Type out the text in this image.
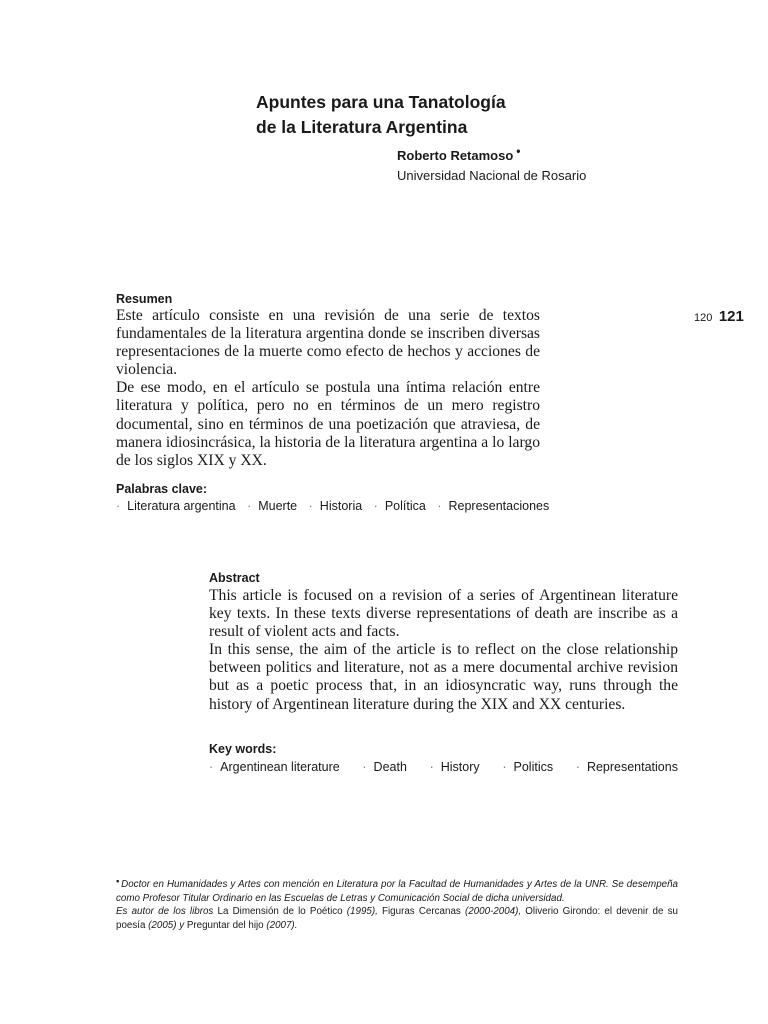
Apuntes para una Tanatología
de la Literatura Argentina
Roberto Retamoso •
Universidad Nacional de Rosario
120 121
Resumen

Este artículo consiste en una revisión de una serie de textos fundamentales de la literatura argentina donde se inscriben diversas representaciones de la muerte como efecto de hechos y acciones de violencia.

De ese modo, en el artículo se postula una íntima relación entre literatura y política, pero no en términos de un mero registro documental, sino en términos de una poetización que atraviesa, de manera idiosincrásica, la historia de la literatura argentina a lo largo de los siglos XIX y XX.

Palabras clave:
· Literatura argentina · Muerte · Historia · Política · Representaciones
Abstract

This article is focused on a revision of a series of Argentinean literature key texts. In these texts diverse representations of death are inscribe as a result of violent acts and facts.

In this sense, the aim of the article is to reflect on the close relationship between politics and literature, not as a mere documental archive revision but as a poetic process that, in an idiosyncratic way, runs through the history of Argentinean literature during the XIX and XX centuries.

Key words:
· Argentinean literature · Death · History · Politics · Representations

• Doctor en Humanidades y Artes con mención en Literatura por la Facultad de Humanidades y Artes de la UNR. Se desempeña como Profesor Titular Ordinario en las Escuelas de Letras y Comunicación Social de dicha universidad.

Es autor de los libros La Dimensión de lo Poético (1995), Figuras Cercanas (2000-2004), Oliverio Girondo: el devenir de su poesía (2005) y Preguntar del hijo (2007).
